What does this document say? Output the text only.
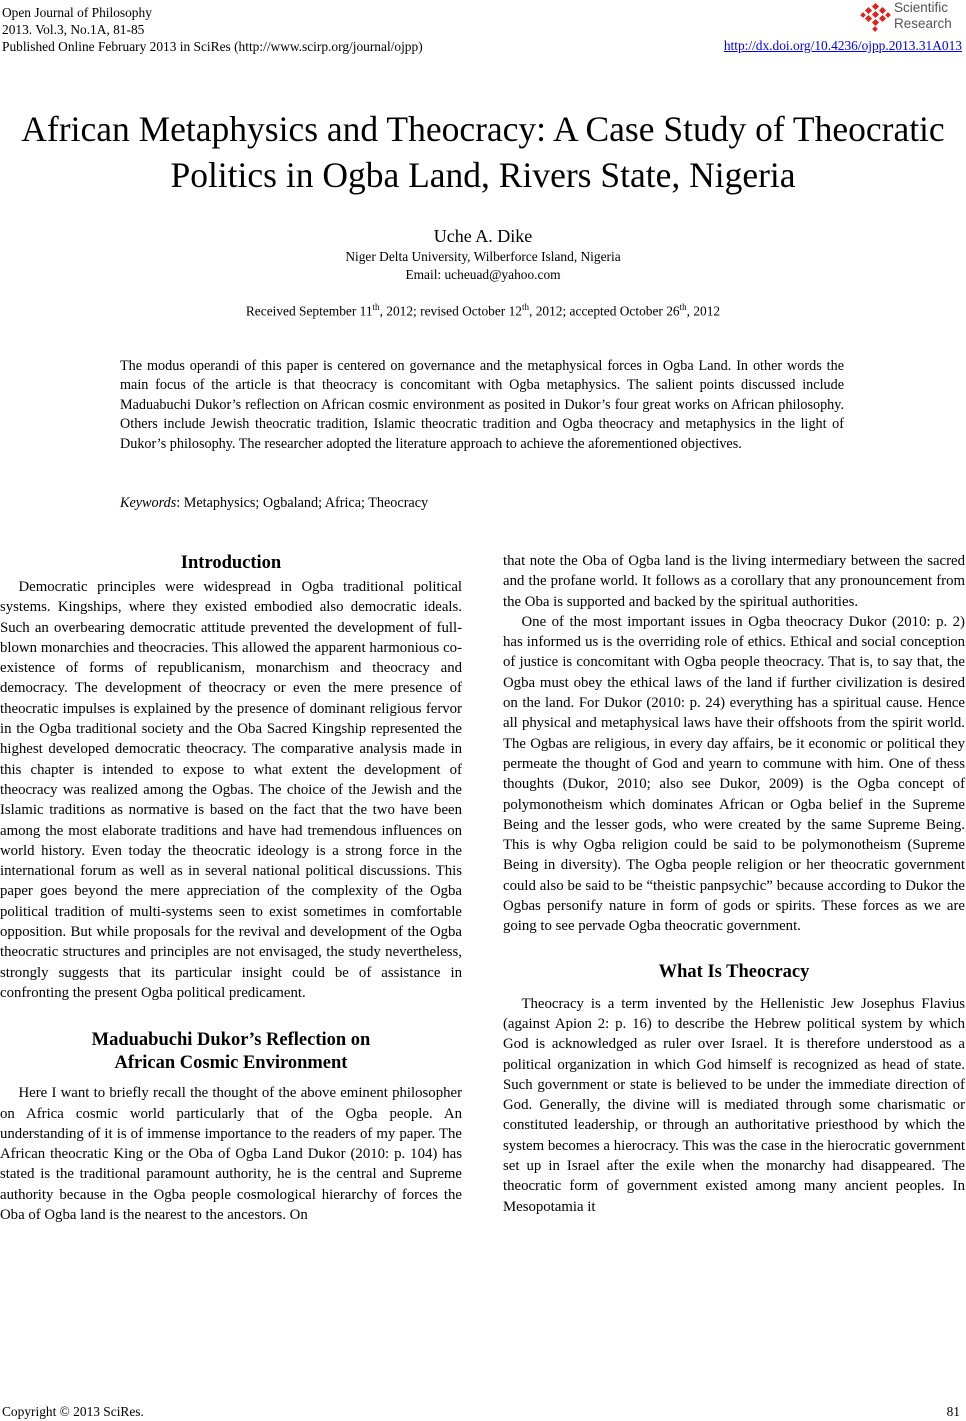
Open Journal of Philosophy
2013. Vol.3, No.1A, 81-85
Published Online February 2013 in SciRes (http://www.scirp.org/journal/ojpp)
Scientific
Research
http://dx.doi.org/10.4236/ojpp.2013.31A013
African Metaphysics and Theocracy: A Case Study of Theocratic
Politics in Ogba Land, Rivers State, Nigeria
Uche A. Dike
Niger Delta University, Wilberforce Island, Nigeria
Email: ucheuad@yahoo.com
Received September 11th, 2012; revised October 12th, 2012; accepted October 26th, 2012
The modus operandi of this paper is centered on governance and the metaphysical forces in Ogba Land. In other words the main focus of the article is that theocracy is concomitant with Ogba metaphysics. The salient points discussed include Maduabuchi Dukor’s reflection on African cosmic environment as posited in Dukor’s four great works on African philosophy. Others include Jewish theocratic tradition, Islamic theocratic tradition and Ogba theocracy and metaphysics in the light of Dukor’s philosophy. The researcher adopted the literature approach to achieve the aforementioned objectives.
Keywords: Metaphysics; Ogbaland; Africa; Theocracy
Introduction

Democratic principles were widespread in Ogba traditional political systems. Kingships, where they existed embodied also democratic ideals. Such an overbearing democratic attitude prevented the development of full-blown monarchies and theocracies. This allowed the apparent harmonious co-existence of forms of republicanism, monarchism and theocracy and democracy. The development of theocracy or even the mere presence of theocratic impulses is explained by the presence of dominant religious fervor in the Ogba traditional society and the Oba Sacred Kingship represented the highest developed democratic theocracy. The comparative analysis made in this chapter is intended to expose to what extent the development of theocracy was realized among the Ogbas. The choice of the Jewish and the Islamic traditions as normative is based on the fact that the two have been among the most elaborate traditions and have had tremendous influences on world history. Even today the theocratic ideology is a strong force in the international forum as well as in several national political discussions. This paper goes beyond the mere appreciation of the complexity of the Ogba political tradition of multi-systems seen to exist sometimes in comfortable opposition. But while proposals for the revival and development of the Ogba theocratic structures and principles are not envisaged, the study nevertheless, strongly suggests that its particular insight could be of assistance in confronting the present Ogba political predicament.

Maduabuchi Dukor’s Reflection on
African Cosmic Environment

Here I want to briefly recall the thought of the above eminent philosopher on Africa cosmic world particularly that of the Ogba people. An understanding of it is of immense importance to the readers of my paper. The African theocratic King or the Oba of Ogba Land Dukor (2010: p. 104) has stated is the traditional paramount authority, he is the central and Supreme authority because in the Ogba people cosmological hierarchy of forces the Oba of Ogba land is the nearest to the ancestors. On

that note the Oba of Ogba land is the living intermediary between the sacred and the profane world. It follows as a corollary that any pronouncement from the Oba is supported and backed by the spiritual authorities.

One of the most important issues in Ogba theocracy Dukor (2010: p. 2) has informed us is the overriding role of ethics. Ethical and social conception of justice is concomitant with Ogba people theocracy. That is, to say that, the Ogba must obey the ethical laws of the land if further civilization is desired on the land. For Dukor (2010: p. 24) everything has a spiritual cause. Hence all physical and metaphysical laws have their offshoots from the spirit world. The Ogbas are religious, in every day affairs, be it economic or political they permeate the thought of God and yearn to commune with him. One of thess thoughts (Dukor, 2010; also see Dukor, 2009) is the Ogba concept of polymonotheism which dominates African or Ogba belief in the Supreme Being and the lesser gods, who were created by the same Supreme Being. This is why Ogba religion could be said to be polymonotheism (Supreme Being in diversity). The Ogba people religion or her theocratic government could also be said to be “theistic panpsychic” because according to Dukor the Ogbas personify nature in form of gods or spirits. These forces as we are going to see pervade Ogba theocratic government.

What Is Theocracy

Theocracy is a term invented by the Hellenistic Jew Josephus Flavius (against Apion 2: p. 16) to describe the Hebrew political system by which God is acknowledged as ruler over Israel. It is therefore understood as a political organization in which God himself is recognized as head of state. Such government or state is believed to be under the immediate direction of God. Generally, the divine will is mediated through some charismatic or constituted leadership, or through an authoritative priesthood by which the system becomes a hierocracy. This was the case in the hierocratic government set up in Israel after the exile when the monarchy had disappeared. The theocratic form of government existed among many ancient peoples. In Mesopotamia it

Copyright © 2013 SciRes.	81
